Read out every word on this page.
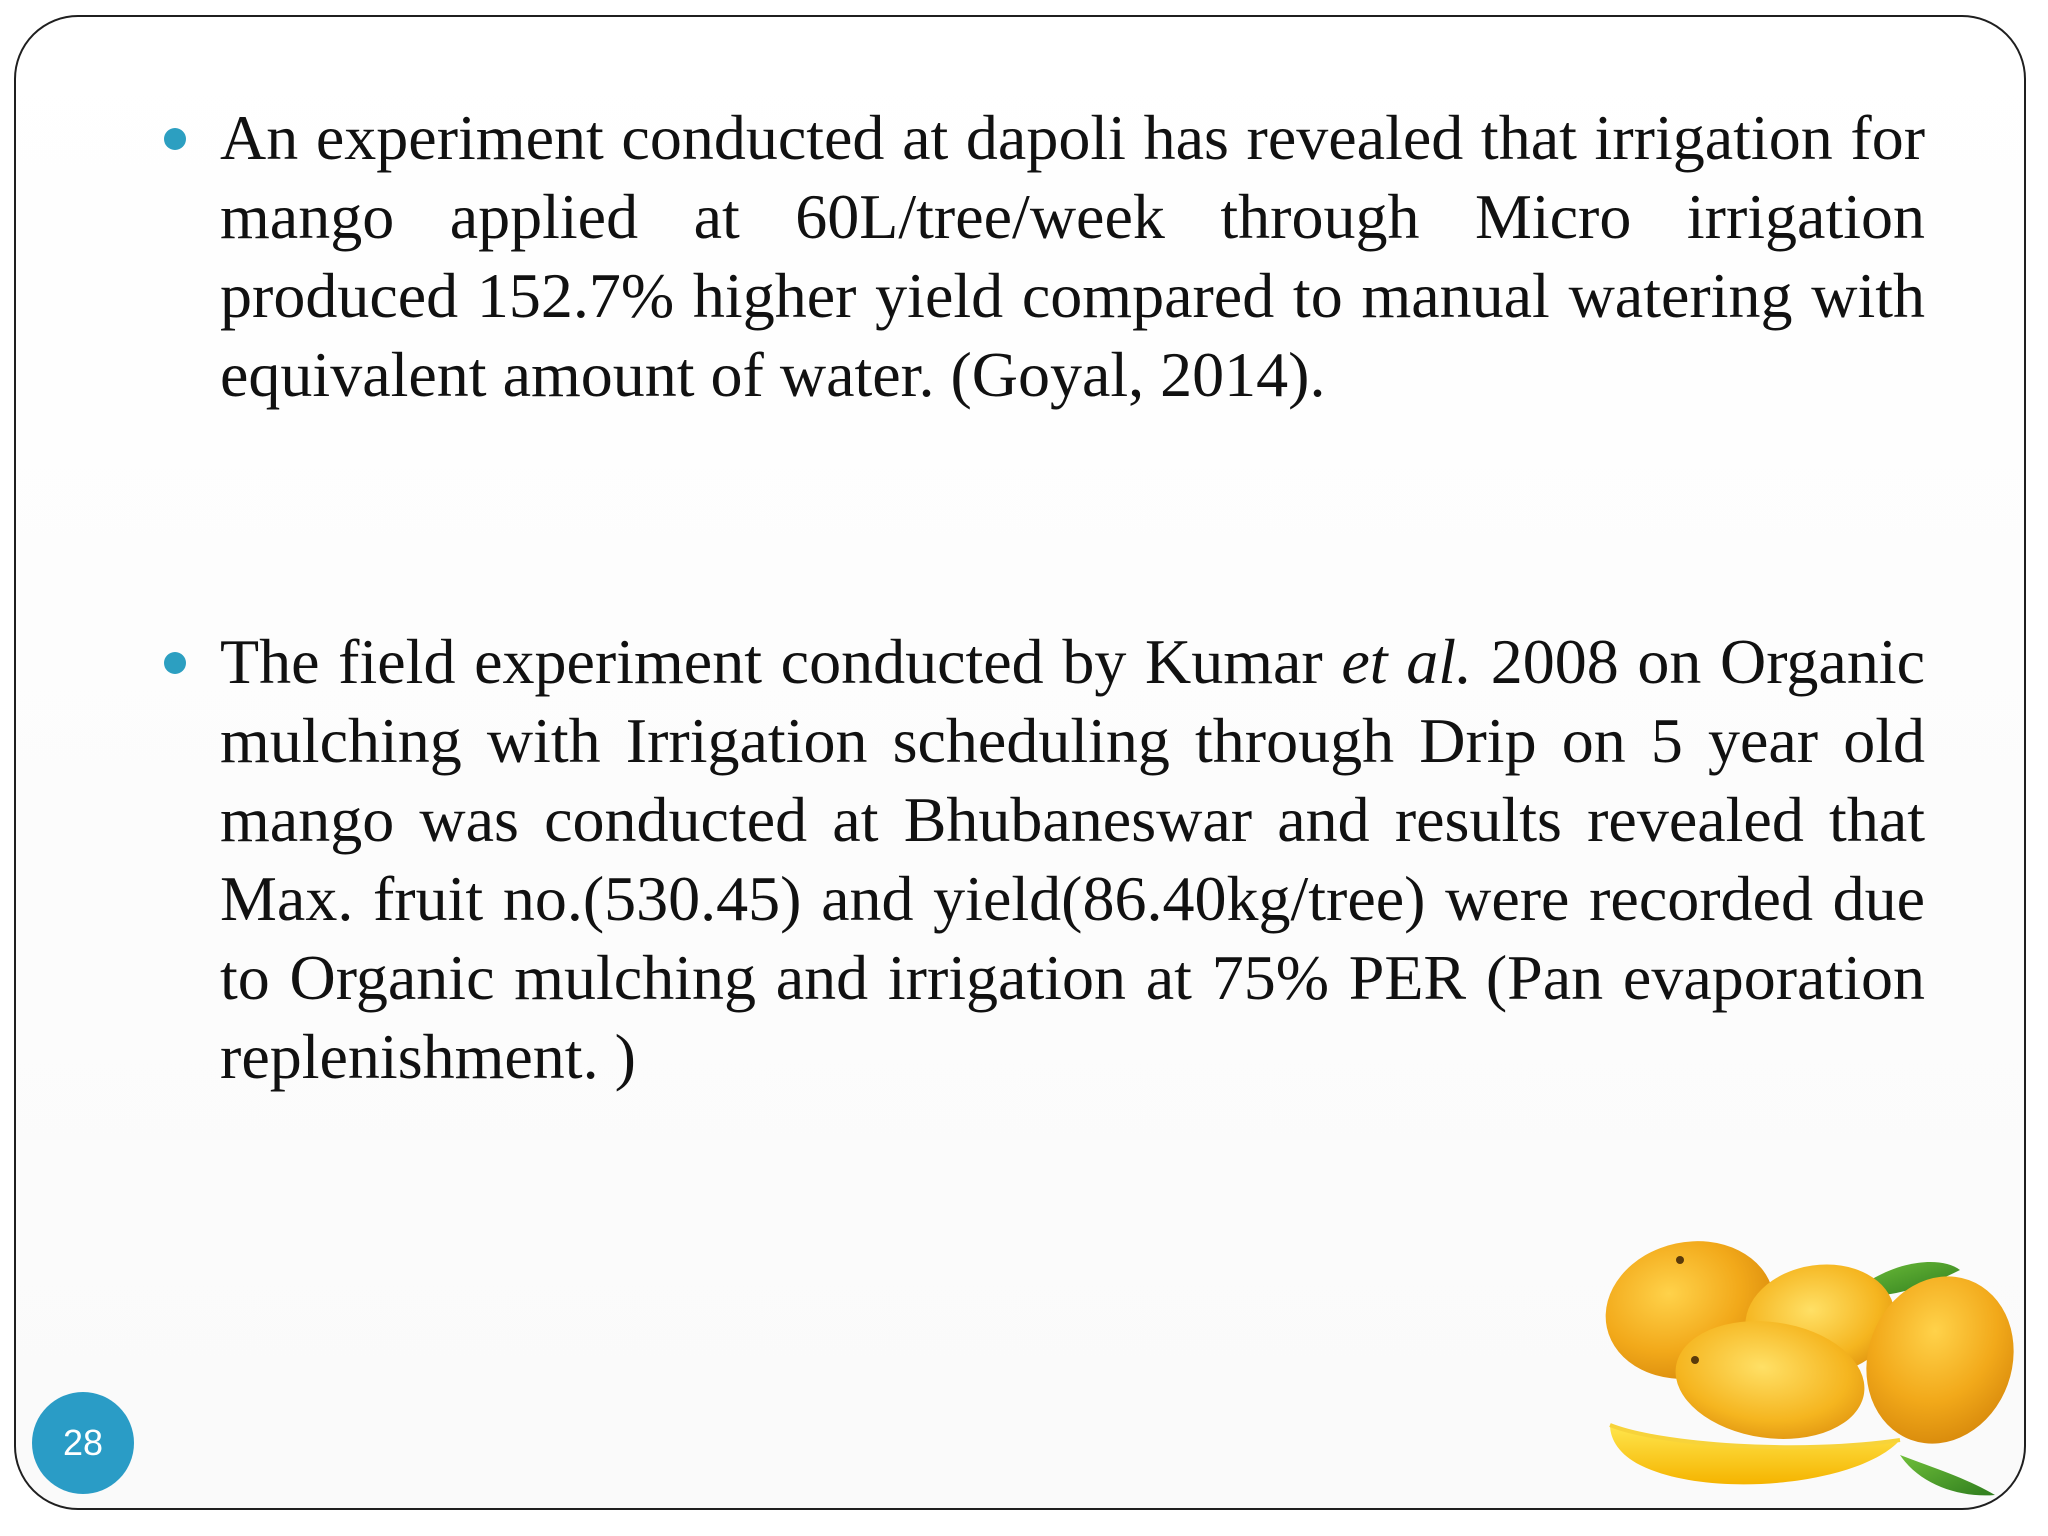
An experiment conducted at dapoli has revealed that irrigation for mango applied at 60L/tree/week through Micro irrigation produced 152.7% higher yield compared to manual watering with equivalent amount of water. (Goyal, 2014).
The field experiment conducted by Kumar et al. 2008 on Organic mulching with Irrigation scheduling through Drip on 5 year old mango was conducted at Bhubaneswar and results revealed that Max. fruit no.(530.45) and yield(86.40kg/tree) were recorded due to Organic mulching and irrigation at 75% PER (Pan evaporation replenishment. )
28
